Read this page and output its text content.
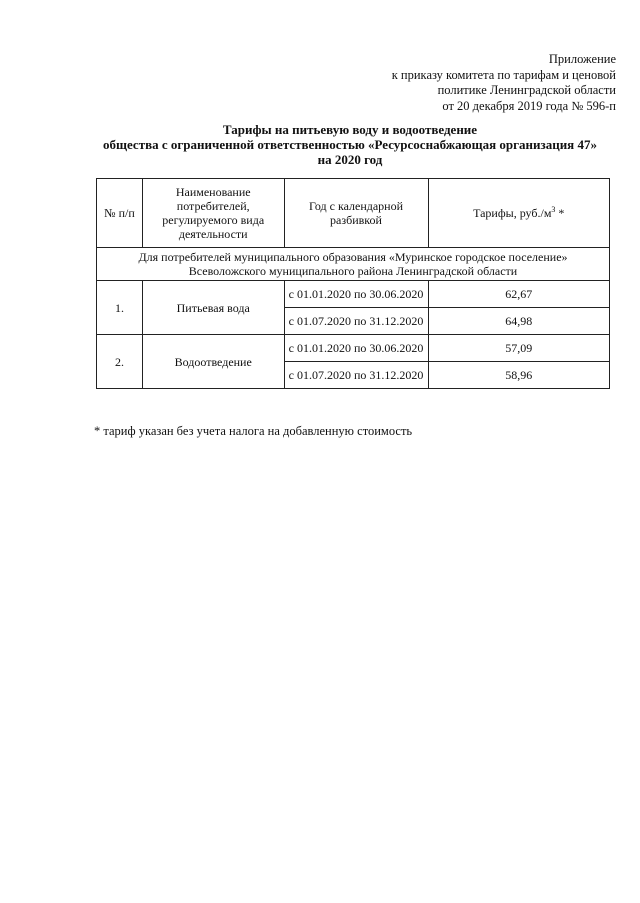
Приложение
к приказу комитета по тарифам и ценовой
политике Ленинградской области
от 20 декабря 2019 года № 596-п
Тарифы на питьевую воду и водоотведение
общества с ограниченной ответственностью «Ресурсоснабжающая организация 47»
на 2020 год
№ п/п	Наименование потребителей, регулируемого вида деятельности	Год с календарной разбивкой	Тарифы, $руб./м^3$ *
Для потребителей муниципального образования «Муринское городское поселение»
Всеволожского муниципального района Ленинградской области			
1.	Питьевая вода	с 01.01.2020 по 30.06.2020	62,67
		с 01.07.2020 по 31.12.2020	64,98
2.	Водоотведение	с 01.01.2020 по 30.06.2020	57,09
		с 01.07.2020 по 31.12.2020	58,96
* тариф указан без учета налога на добавленную стоимость
